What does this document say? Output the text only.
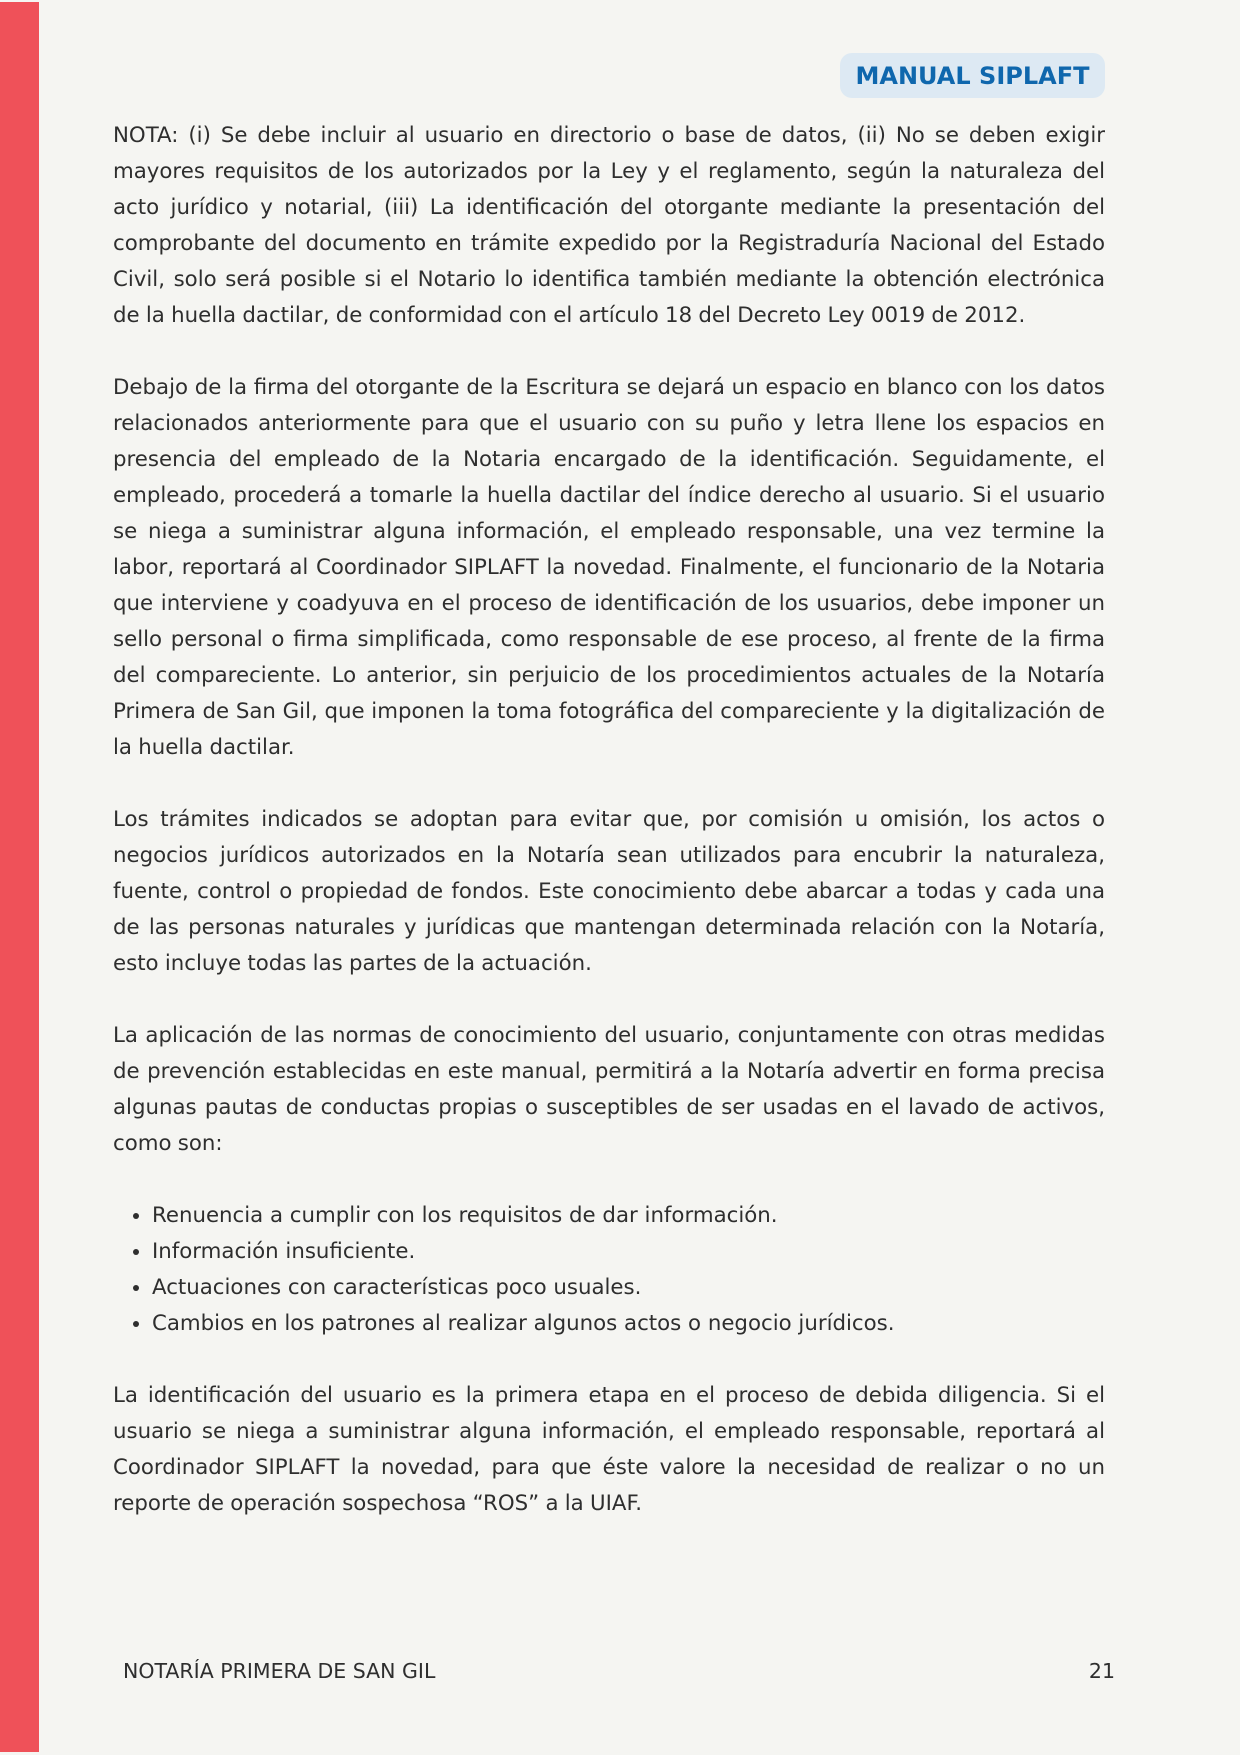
MANUAL SIPLAFT

NOTA: (i) Se debe incluir al usuario en directorio o base de datos, (ii) No se deben exigir mayores requisitos de los autorizados por la Ley y el reglamento, según la naturaleza del acto jurídico y notarial, (iii) La identificación del otorgante mediante la presentación del comprobante del documento en trámite expedido por la Registraduría Nacional del Estado Civil, solo será posible si el Notario lo identifica también mediante la obtención electrónica de la huella dactilar, de conformidad con el artículo 18 del Decreto Ley 0019 de 2012.

Debajo de la firma del otorgante de la Escritura se dejará un espacio en blanco con los datos relacionados anteriormente para que el usuario con su puño y letra llene los espacios en presencia del empleado de la Notaria encargado de la identificación. Seguidamente, el empleado, procederá a tomarle la huella dactilar del índice derecho al usuario. Si el usuario se niega a suministrar alguna información, el empleado responsable, una vez termine la labor, reportará al Coordinador SIPLAFT la novedad. Finalmente, el funcionario de la Notaria que interviene y coadyuva en el proceso de identificación de los usuarios, debe imponer un sello personal o firma simplificada, como responsable de ese proceso, al frente de la firma del compareciente. Lo anterior, sin perjuicio de los procedimientos actuales de la Notaría Primera de San Gil, que imponen la toma fotográfica del compareciente y la digitalización de la huella dactilar.

Los trámites indicados se adoptan para evitar que, por comisión u omisión, los actos o negocios jurídicos autorizados en la Notaría sean utilizados para encubrir la naturaleza, fuente, control o propiedad de fondos. Este conocimiento debe abarcar a todas y cada una de las personas naturales y jurídicas que mantengan determinada relación con la Notaría, esto incluye todas las partes de la actuación.

La aplicación de las normas de conocimiento del usuario, conjuntamente con otras medidas de prevención establecidas en este manual, permitirá a la Notaría advertir en forma precisa algunas pautas de conductas propias o susceptibles de ser usadas en el lavado de activos, como son:

• Renuencia a cumplir con los requisitos de dar información.
• Información insuficiente.
• Actuaciones con características poco usuales.
• Cambios en los patrones al realizar algunos actos o negocio jurídicos.

La identificación del usuario es la primera etapa en el proceso de debida diligencia. Si el usuario se niega a suministrar alguna información, el empleado responsable, reportará al Coordinador SIPLAFT la novedad, para que éste valore la necesidad de realizar o no un reporte de operación sospechosa “ROS” a la UIAF.

NOTARÍA PRIMERA DE SAN GIL	21
